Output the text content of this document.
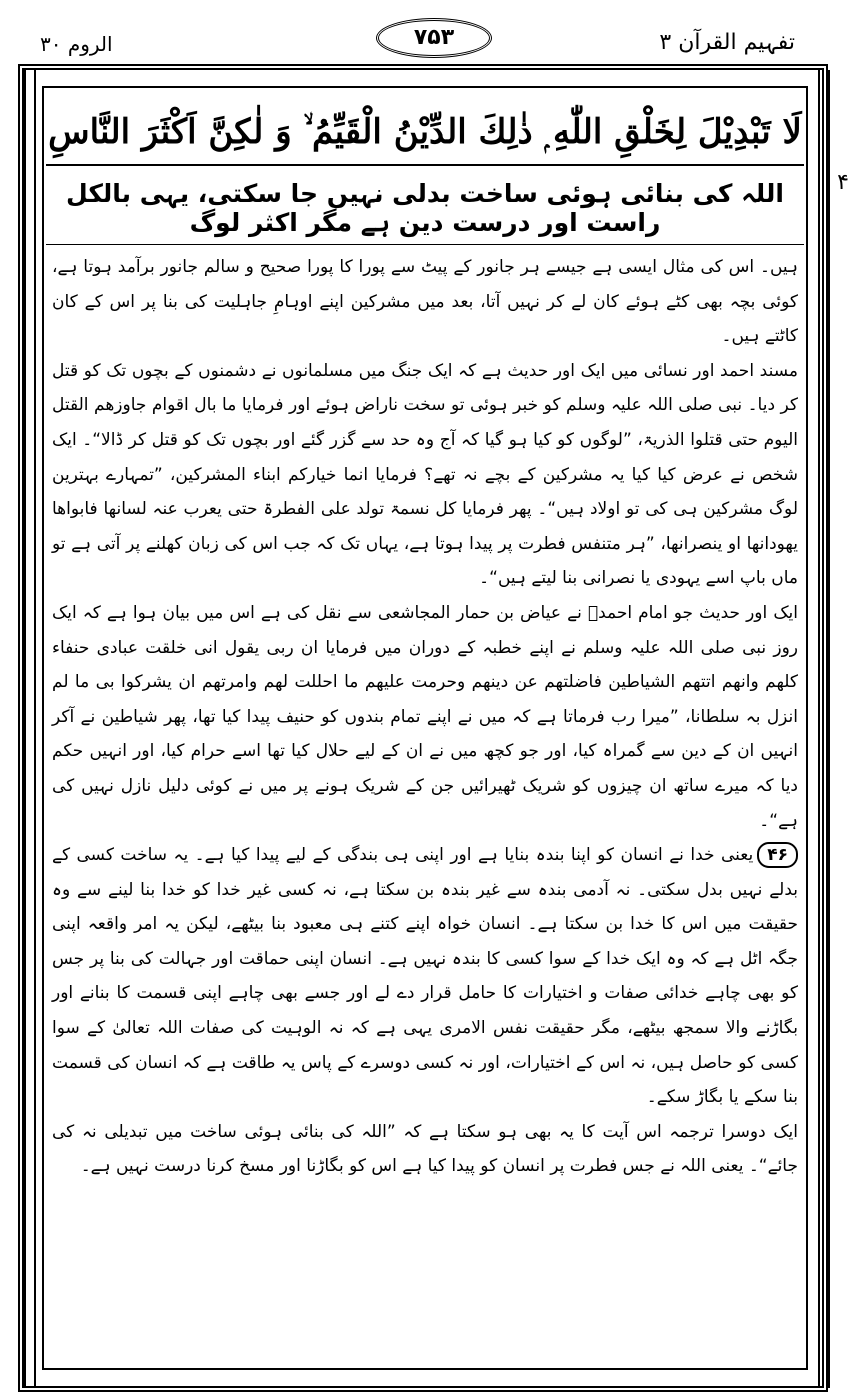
تفہیم القرآن ۳
۷۵۳
الروم ۳۰
لَا تَبْدِيْلَ لِخَلْقِ اللّٰهِ ۭ ذٰلِكَ الدِّيْنُ الْقَيِّمُ ۙ وَ لٰكِنَّ اَكْثَرَ النَّاسِ
اللہ کی بنائی ہوئی ساخت بدلی نہیں جا سکتی، یہی بالکل راست اور درست دین ہے مگر اکثر لوگ
۴

ہیں۔ اس کی مثال ایسی ہے جیسے ہر جانور کے پیٹ سے پورا کا پورا صحیح و سالم جانور برآمد ہوتا ہے، کوئی بچہ بھی کٹے ہوئے کان لے کر نہیں آتا، بعد میں مشرکین اپنے اوہامِ جاہلیت کی بنا پر اس کے کان کاٹتے ہیں۔

مسند احمد اور نسائی میں ایک اور حدیث ہے کہ ایک جنگ میں مسلمانوں نے دشمنوں کے بچوں تک کو قتل کر دیا۔ نبی صلی اللہ علیہ وسلم کو خبر ہوئی تو سخت ناراض ہوئے اور فرمایا ما بال اقوام جاوزھم القتل الیوم حتی قتلوا الذریۃ، ”لوگوں کو کیا ہو گیا کہ آج وہ حد سے گزر گئے اور بچوں تک کو قتل کر ڈالا“۔ ایک شخص نے عرض کیا کیا یہ مشرکین کے بچے نہ تھے؟ فرمایا انما خیارکم ابناء المشرکین، ”تمہارے بہترین لوگ مشرکین ہی کی تو اولاد ہیں“۔ پھر فرمایا کل نسمۃ تولد علی الفطرۃ حتی یعرب عنہ لسانھا فابواھا یھودانھا او ینصرانھا، ”ہر متنفس فطرت پر پیدا ہوتا ہے، یہاں تک کہ جب اس کی زبان کھلنے پر آتی ہے تو ماں باپ اسے یہودی یا نصرانی بنا لیتے ہیں“۔

ایک اور حدیث جو امام احمدؒ نے عیاض بن حمار المجاشعی سے نقل کی ہے اس میں بیان ہوا ہے کہ ایک روز نبی صلی اللہ علیہ وسلم نے اپنے خطبہ کے دوران میں فرمایا ان ربی یقول انی خلقت عبادی حنفاء کلھم وانھم اتتھم الشیاطین فاضلتھم عن دینھم وحرمت علیھم ما احللت لھم وامرتھم ان یشرکوا بی ما لم انزل بہ سلطانا، ”میرا رب فرماتا ہے کہ میں نے اپنے تمام بندوں کو حنیف پیدا کیا تھا، پھر شیاطین نے آکر انہیں ان کے دین سے گمراہ کیا، اور جو کچھ میں نے ان کے لیے حلال کیا تھا اسے حرام کیا، اور انہیں حکم دیا کہ میرے ساتھ ان چیزوں کو شریک ٹھیرائیں جن کے شریک ہونے پر میں نے کوئی دلیل نازل نہیں کی ہے“۔

۴۶یعنی خدا نے انسان کو اپنا بندہ بنایا ہے اور اپنی ہی بندگی کے لیے پیدا کیا ہے۔ یہ ساخت کسی کے بدلے نہیں بدل سکتی۔ نہ آدمی بندہ سے غیر بندہ بن سکتا ہے، نہ کسی غیر خدا کو خدا بنا لینے سے وہ حقیقت میں اس کا خدا بن سکتا ہے۔ انسان خواہ اپنے کتنے ہی معبود بنا بیٹھے، لیکن یہ امر واقعہ اپنی جگہ اٹل ہے کہ وہ ایک خدا کے سوا کسی کا بندہ نہیں ہے۔ انسان اپنی حماقت اور جہالت کی بنا پر جس کو بھی چاہے خدائی صفات و اختیارات کا حامل قرار دے لے اور جسے بھی چاہے اپنی قسمت کا بنانے اور بگاڑنے والا سمجھ بیٹھے، مگر حقیقت نفس الامری یہی ہے کہ نہ الوہیت کی صفات اللہ تعالیٰ کے سوا کسی کو حاصل ہیں، نہ اس کے اختیارات، اور نہ کسی دوسرے کے پاس یہ طاقت ہے کہ انسان کی قسمت بنا سکے یا بگاڑ سکے۔

ایک دوسرا ترجمہ اس آیت کا یہ بھی ہو سکتا ہے کہ ”اللہ کی بنائی ہوئی ساخت میں تبدیلی نہ کی جائے“۔ یعنی اللہ نے جس فطرت پر انسان کو پیدا کیا ہے اس کو بگاڑنا اور مسخ کرنا درست نہیں ہے۔
